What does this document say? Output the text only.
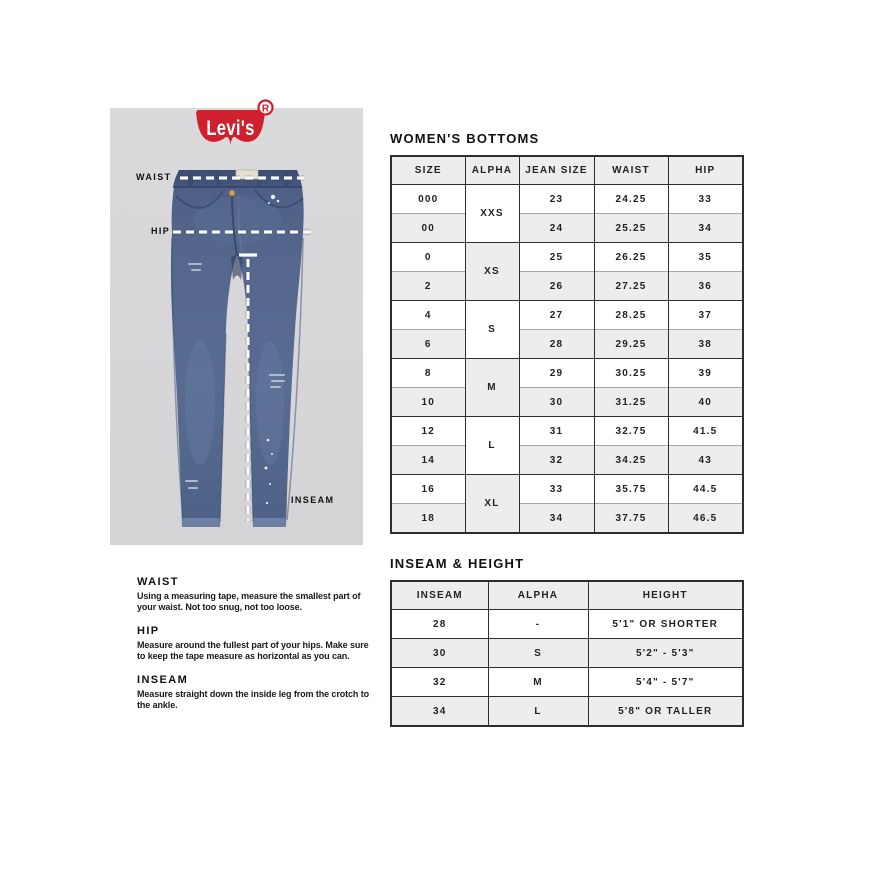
Levi's
R
WAIST
HIP
INSEAM
WAIST

Using a measuring tape, measure the smallest part of your waist. Not too snug, not too loose.

HIP

Measure around the fullest part of your hips. Make sure to keep the tape measure as horizontal as you can.

INSEAM

Measure straight down the inside leg from the crotch to the ankle.

WOMEN'S BOTTOMS
SIZE	ALPHA	JEAN SIZE	WAIST	HIP
000	XXS	23	24.25	33
00		24	25.25	34
0	XS	25	26.25	35
2		26	27.25	36
4	S	27	28.25	37
6		28	29.25	38
8	M	29	30.25	39
10		30	31.25	40
12	L	31	32.75	41.5
14		32	34.25	43
16	XL	33	35.75	44.5
18		34	37.75	46.5
INSEAM & HEIGHT
INSEAM	ALPHA	HEIGHT
28	-	5'1" OR SHORTER
30	S	5'2" - 5'3"
32	M	5'4" - 5'7"
34	L	5'8" OR TALLER
